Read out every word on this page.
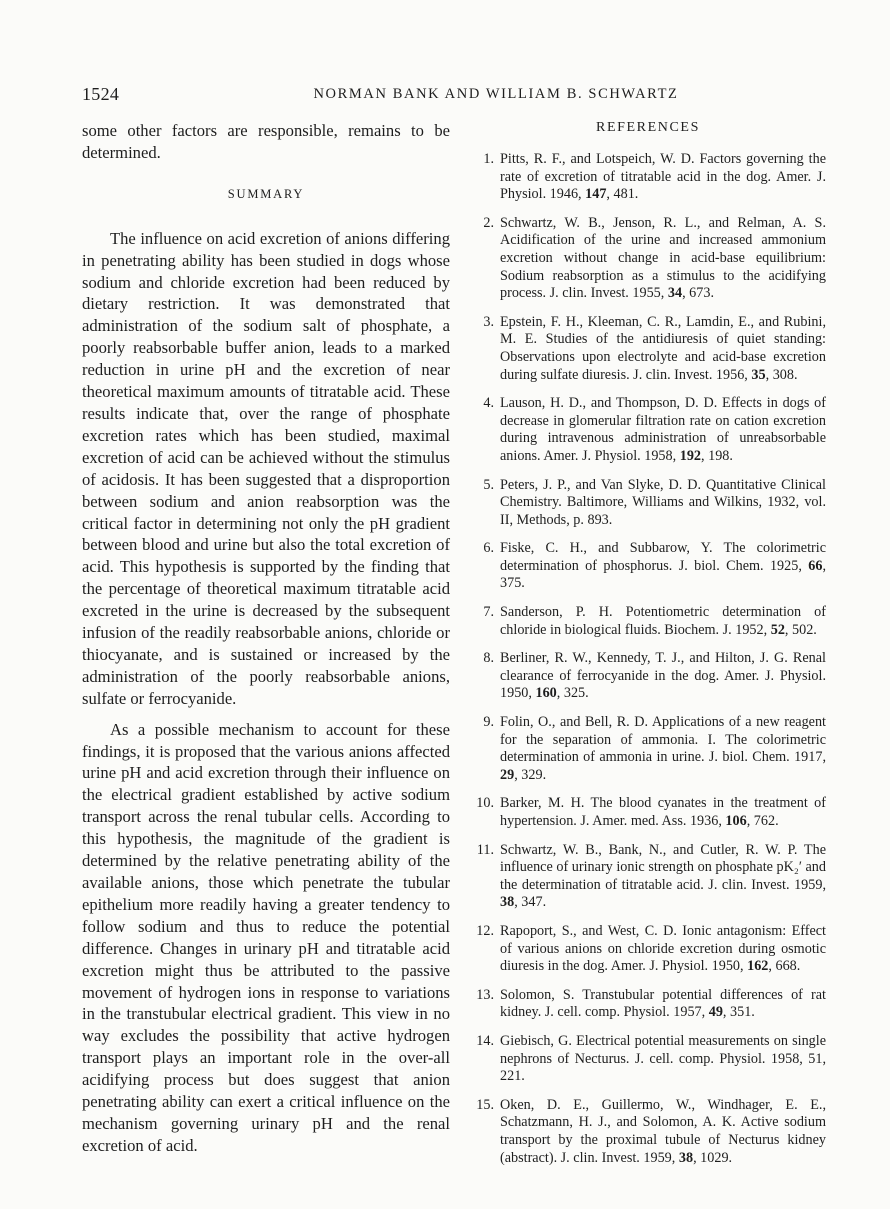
1524	NORMAN BANK AND WILLIAM B. SCHWARTZ

some other factors are responsible, remains to be determined.

SUMMARY

The influence on acid excretion of anions differing in penetrating ability has been studied in dogs whose sodium and chloride excretion had been reduced by dietary restriction. It was demonstrated that administration of the sodium salt of phosphate, a poorly reabsorbable buffer anion, leads to a marked reduction in urine pH and the excretion of near theoretical maximum amounts of titratable acid. These results indicate that, over the range of phosphate excretion rates which has been studied, maximal excretion of acid can be achieved without the stimulus of acidosis. It has been suggested that a disproportion between sodium and anion reabsorption was the critical factor in determining not only the pH gradient between blood and urine but also the total excretion of acid. This hypothesis is supported by the finding that the percentage of theoretical maximum titratable acid excreted in the urine is decreased by the subsequent infusion of the readily reabsorbable anions, chloride or thiocyanate, and is sustained or increased by the administration of the poorly reabsorbable anions, sulfate or ferrocyanide.

As a possible mechanism to account for these findings, it is proposed that the various anions affected urine pH and acid excretion through their influence on the electrical gradient established by active sodium transport across the renal tubular cells. According to this hypothesis, the magnitude of the gradient is determined by the relative penetrating ability of the available anions, those which penetrate the tubular epithelium more readily having a greater tendency to follow sodium and thus to reduce the potential difference. Changes in urinary pH and titratable acid excretion might thus be attributed to the passive movement of hydrogen ions in response to variations in the transtubular electrical gradient. This view in no way excludes the possibility that active hydrogen transport plays an important role in the over-all acidifying process but does suggest that anion penetrating ability can exert a critical influence on the mechanism governing urinary pH and the renal excretion of acid.

REFERENCES
1. Pitts, R. F., and Lotspeich, W. D. Factors governing the rate of excretion of titratable acid in the dog. Amer. J. Physiol. 1946, 147, 481.
2. Schwartz, W. B., Jenson, R. L., and Relman, A. S. Acidification of the urine and increased ammonium excretion without change in acid-base equilibrium: Sodium reabsorption as a stimulus to the acidifying process. J. clin. Invest. 1955, 34, 673.
3. Epstein, F. H., Kleeman, C. R., Lamdin, E., and Rubini, M. E. Studies of the antidiuresis of quiet standing: Observations upon electrolyte and acid-base excretion during sulfate diuresis. J. clin. Invest. 1956, 35, 308.
4. Lauson, H. D., and Thompson, D. D. Effects in dogs of decrease in glomerular filtration rate on cation excretion during intravenous administration of unreabsorbable anions. Amer. J. Physiol. 1958, 192, 198.
5. Peters, J. P., and Van Slyke, D. D. Quantitative Clinical Chemistry. Baltimore, Williams and Wilkins, 1932, vol. II, Methods, p. 893.
6. Fiske, C. H., and Subbarow, Y. The colorimetric determination of phosphorus. J. biol. Chem. 1925, 66, 375.
7. Sanderson, P. H. Potentiometric determination of chloride in biological fluids. Biochem. J. 1952, 52, 502.
8. Berliner, R. W., Kennedy, T. J., and Hilton, J. G. Renal clearance of ferrocyanide in the dog. Amer. J. Physiol. 1950, 160, 325.
9. Folin, O., and Bell, R. D. Applications of a new reagent for the separation of ammonia. I. The colorimetric determination of ammonia in urine. J. biol. Chem. 1917, 29, 329.
10. Barker, M. H. The blood cyanates in the treatment of hypertension. J. Amer. med. Ass. 1936, 106, 762.
11. Schwartz, W. B., Bank, N., and Cutler, R. W. P. The influence of urinary ionic strength on phosphate pK₂′ and the determination of titratable acid. J. clin. Invest. 1959, 38, 347.
12. Rapoport, S., and West, C. D. Ionic antagonism: Effect of various anions on chloride excretion during osmotic diuresis in the dog. Amer. J. Physiol. 1950, 162, 668.
13. Solomon, S. Transtubular potential differences of rat kidney. J. cell. comp. Physiol. 1957, 49, 351.
14. Giebisch, G. Electrical potential measurements on single nephrons of Necturus. J. cell. comp. Physiol. 1958, 51, 221.
15. Oken, D. E., Guillermo, W., Windhager, E. E., Schatzmann, H. J., and Solomon, A. K. Active sodium transport by the proximal tubule of Necturus kidney (abstract). J. clin. Invest. 1959, 38, 1029.
